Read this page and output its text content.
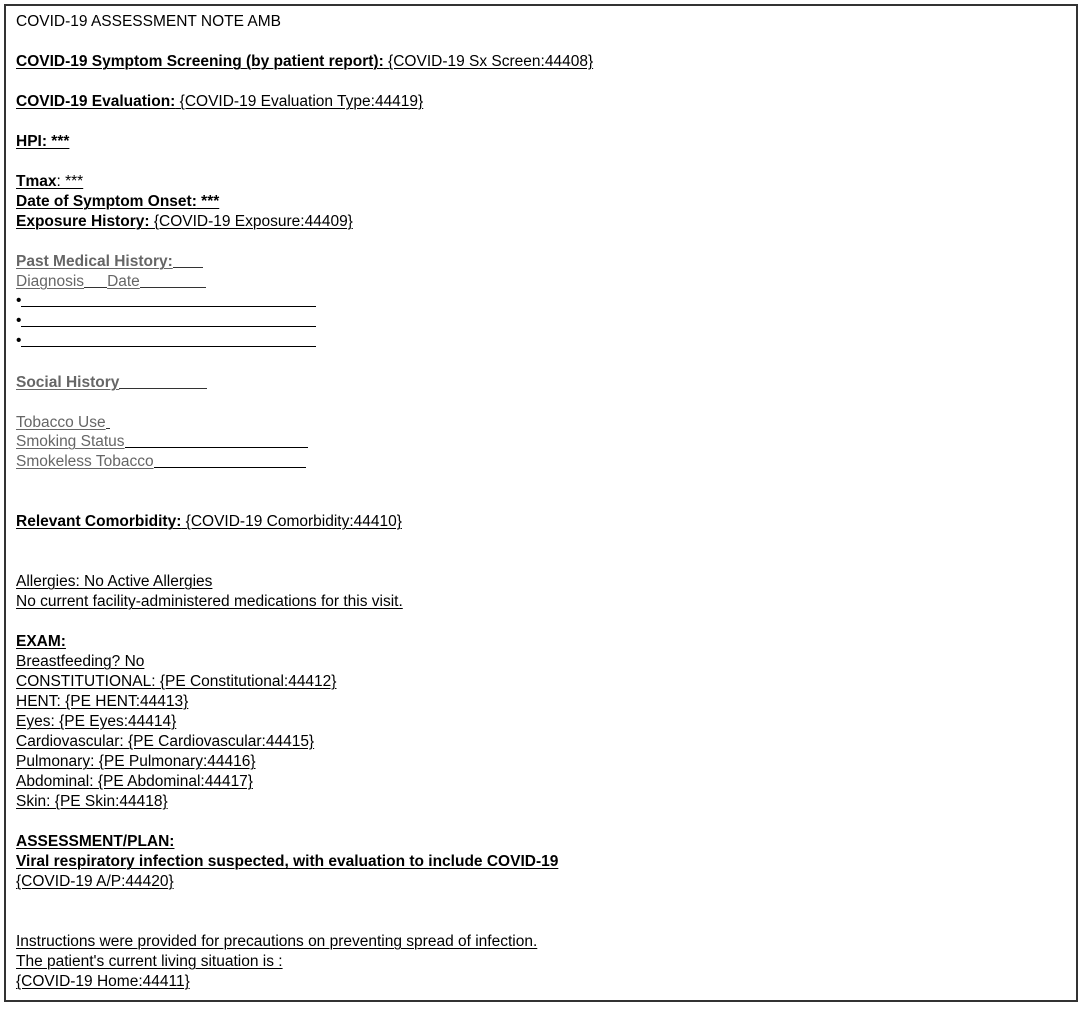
COVID-19 ASSESSMENT NOTE AMB
COVID-19 Symptom Screening (by patient report): {COVID-19 Sx Screen:44408}
COVID-19 Evaluation: {COVID-19 Evaluation Type:44419}
HPI: ***
Tmax: ***
Date of Symptom Onset: ***
Exposure History: {COVID-19 Exposure:44409}
Past Medical History:
Diagnosis Date
•
•
•
Social History
Tobacco Use
Smoking Status
Smokeless Tobacco
Relevant Comorbidity: {COVID-19 Comorbidity:44410}
Allergies: No Active Allergies
No current facility-administered medications for this visit.
EXAM:
Breastfeeding? No
CONSTITUTIONAL: {PE Constitutional:44412}
HENT: {PE HENT:44413}
Eyes: {PE Eyes:44414}
Cardiovascular: {PE Cardiovascular:44415}
Pulmonary: {PE Pulmonary:44416}
Abdominal: {PE Abdominal:44417}
Skin: {PE Skin:44418}
ASSESSMENT/PLAN:
Viral respiratory infection suspected, with evaluation to include COVID-19
{COVID-19 A/P:44420}
Instructions were provided for precautions on preventing spread of infection.
The patient's current living situation is :
{COVID-19 Home:44411}
